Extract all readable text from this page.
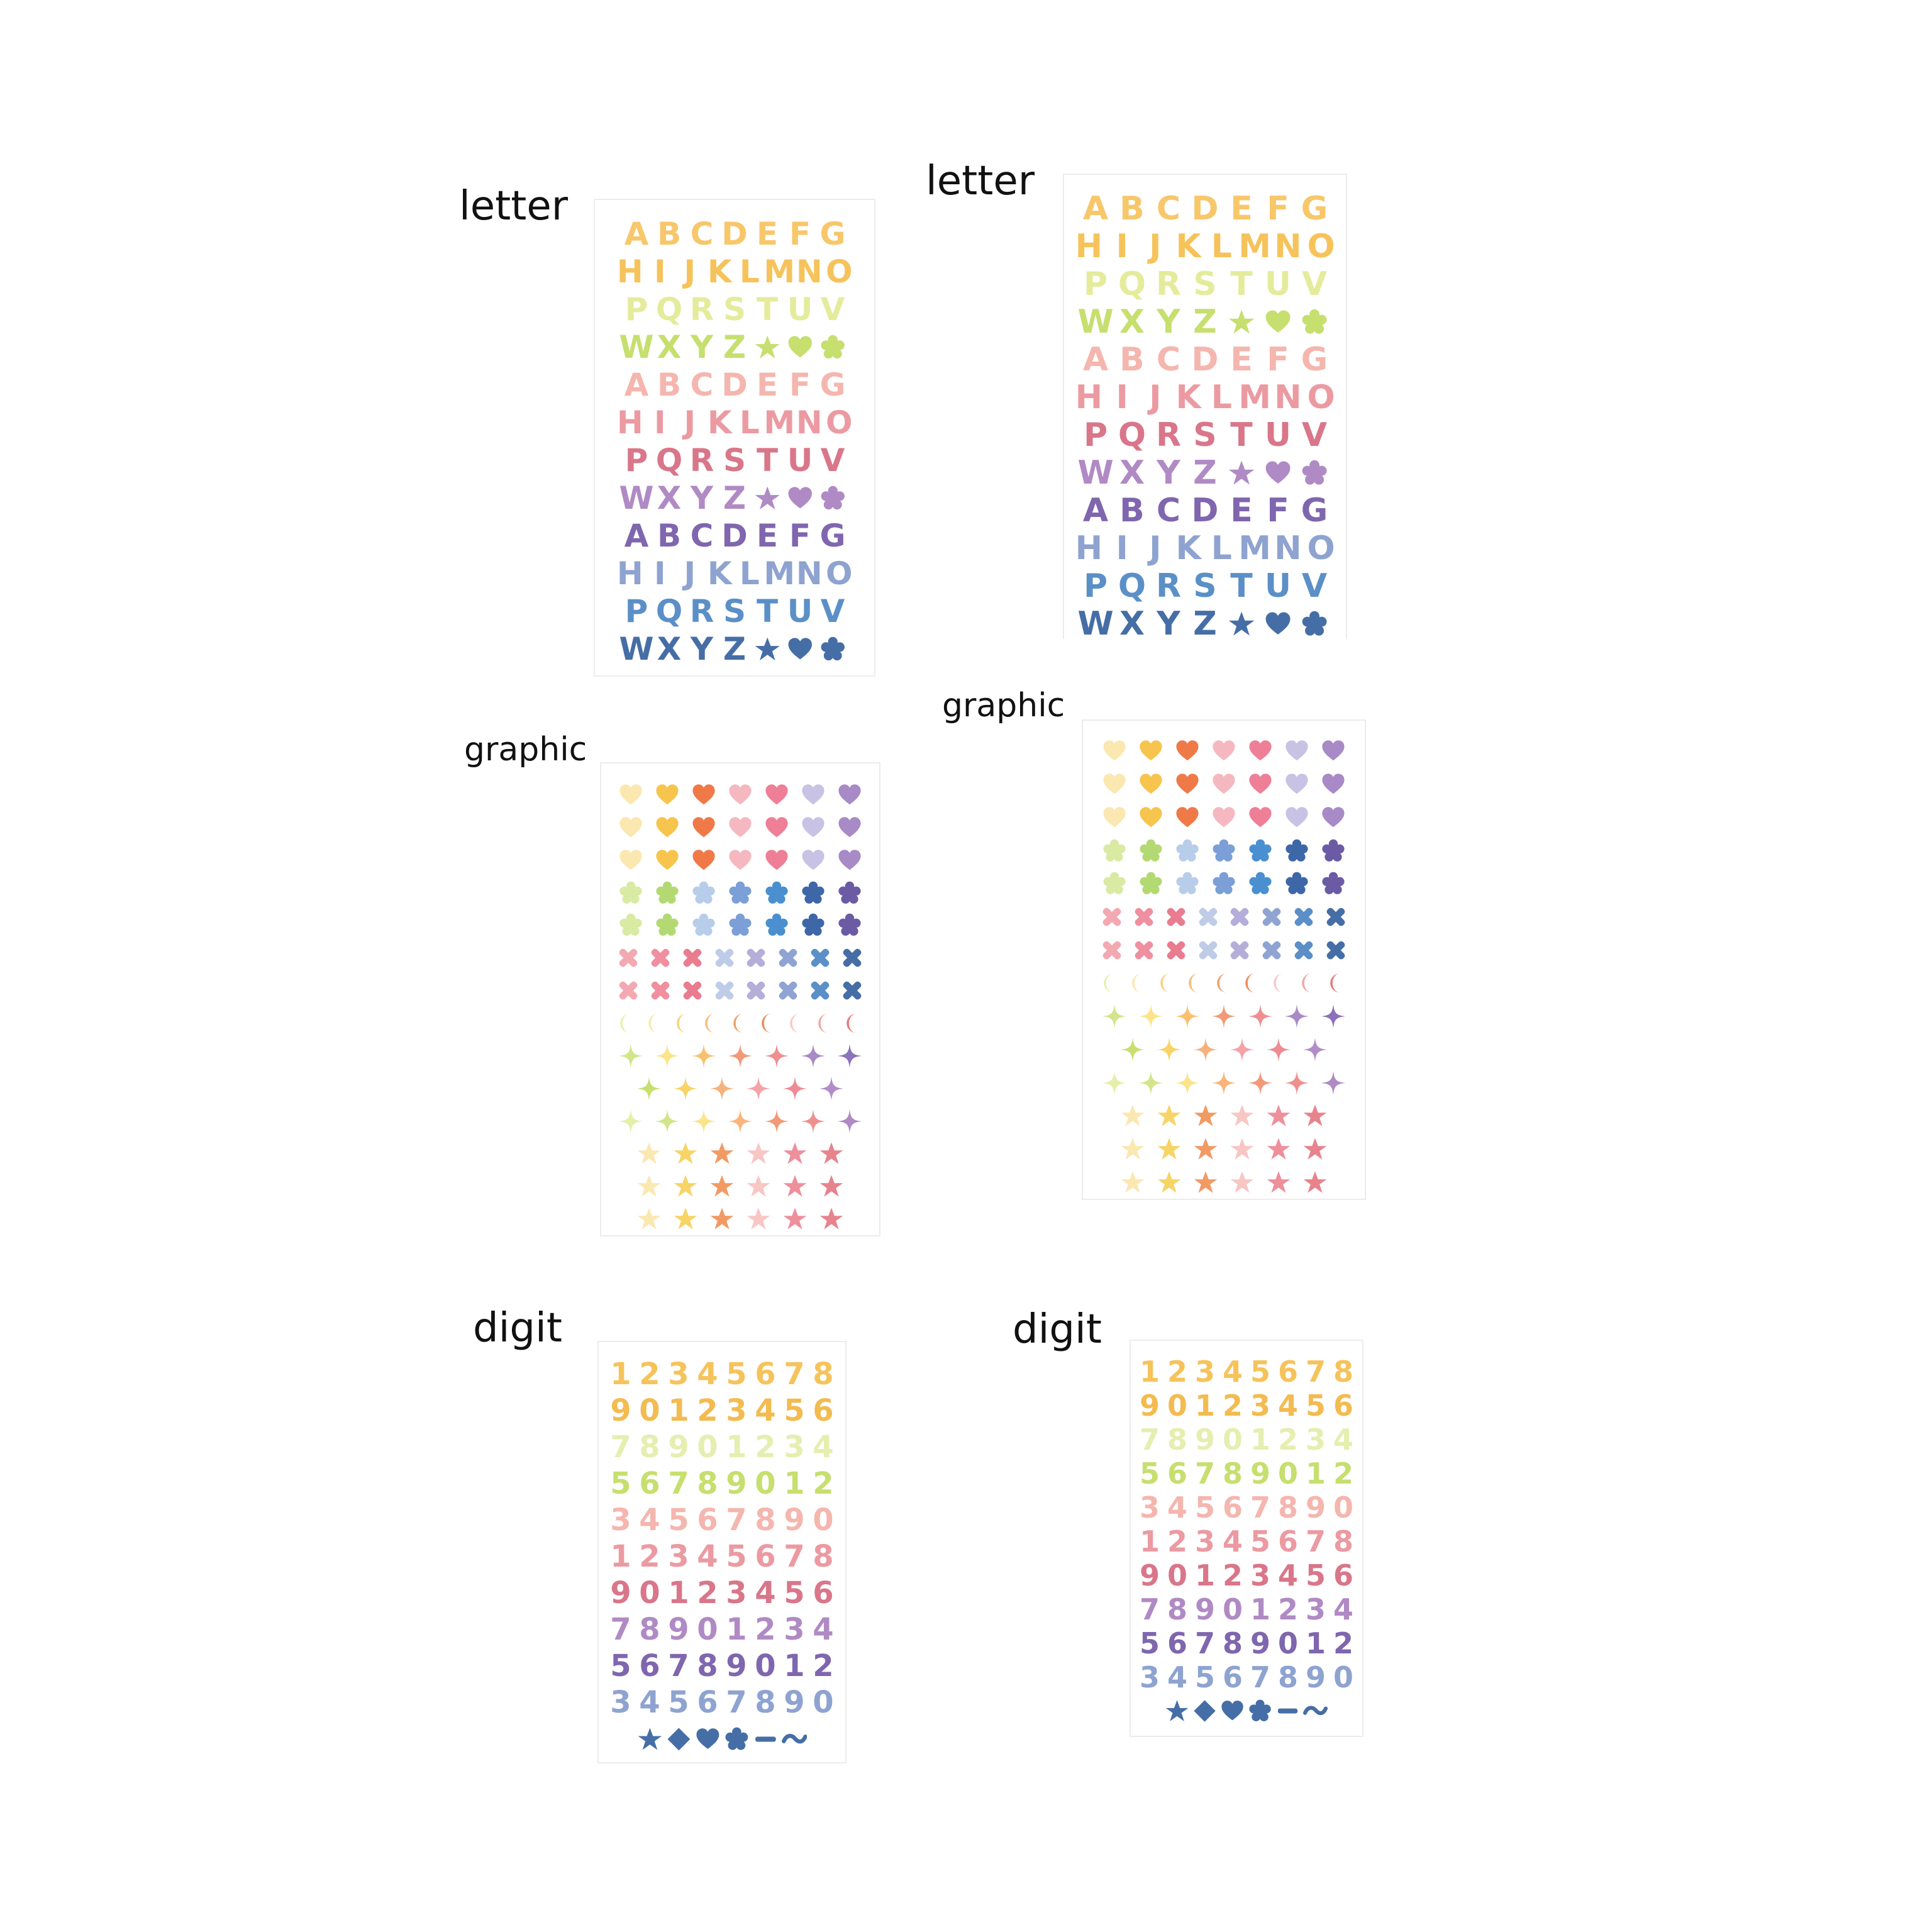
letter
letter
graphic
graphic
digit	digit
A B C D E F G
H I J K L M N O
P Q R S T U V
W X Y Z
A B C D E F G
H I J K L M N O
P Q R S T U V
W X Y Z
A B C D E F G
H I J K L M N O
P Q R S T U V
W X Y Z
A B C D E F G
H I J K L M N O
P Q R S T U V
W X Y Z
A B C D E F G
H I J K L M N O
P Q R S T U V
W X Y Z
A B C D E F G
H I J K L M N O
P Q R S T U V
W X Y Z
1 2 3 4 5 6 7 8
9 0 1 2 3 4 5 6
7 8 9 0 1 2 3 4
5 6 7 8 9 0 1 2
3 4 5 6 7 8 9 0
1 2 3 4 5 6 7 8
9 0 1 2 3 4 5 6
7 8 9 0 1 2 3 4
5 6 7 8 9 0 1 2
3 4 5 6 7 8 9 0
1 2 3 4 5 6 7 8
9 0 1 2 3 4 5 6
7 8 9 0 1 2 3 4
5 6 7 8 9 0 1 2
3 4 5 6 7 8 9 0
1 2 3 4 5 6 7 8
9 0 1 2 3 4 5 6
7 8 9 0 1 2 3 4
5 6 7 8 9 0 1 2
3 4 5 6 7 8 9 0
